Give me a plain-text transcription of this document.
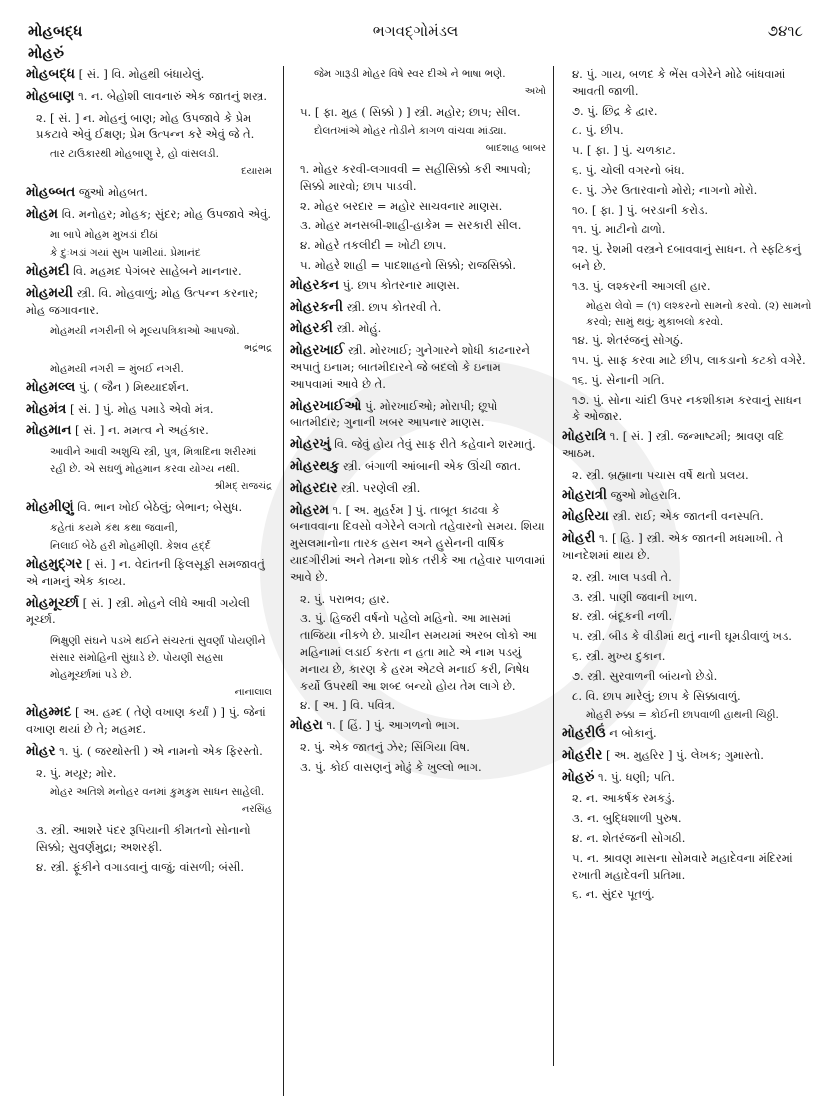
મોહબદ્ધ	ભગવદ્ગોમંડલ	૭૪૧૮
મોહરું
મોહબદ્ધ [ સં. ] વિ. મોહથી બંધાયેલું.
મોહબાણ ૧. ન. બેહોશી લાવનારું એક જાતનું શસ્ત્ર.
૨. [ સં. ] ન. મોહનું બાણ; મોહ ઉપજાવે કે પ્રેમ પ્રકટાવે એવું ઈક્ષણ; પ્રેમ ઉત્પન્ન કરે એવું જે તે.
તાર ટાઉકારથી મોહબાણુ રે, હો વાંસલડી.
દયારામ
મોહબ્બત જુઓ મોહબત.
મોહમ વિ. મનોહર; મોહક; સુંદર; મોહ ઉપજાવે એવું.
મા બાપે મોહમ મુખડાં દીઠાં
કે દુઃખડાં ગયાં સુખ પામીયાં. પ્રેમાનંદ
મોહમદી વિ. મહમદ પેગંબર સાહેબને માનનાર.
મોહમયી સ્ત્રી. વિ. મોહવાળું; મોહ ઉત્પન્ન કરનાર; મોહ જગાવનાર.
મોહમયી નગરીની બે મૂલ્યપત્રિકાઓ આપજો.
ભદ્રંભદ્ર
મોહમયી નગરી = મુંબઈ નગરી.
મોહમલ્લ પું. ( જૈન ) મિથ્યાદર્શન.
મોહમંત્ર [ સં. ] પું. મોહ પમાડે એવો મંત્ર.
મોહમાન [ સં. ] ન. મમત્વ ને અહંકાર.
આવીને આવી અશુચિ સ્ત્રી, પુત્ર, મિત્રાદિના શરીરમાં રહી છે. એ સઘળું મોહમાન કરવા યોગ્ય નથી.
શ્રીમદ્ રાજચંદ્ર
મોહમીણું વિ. ભાન ખોઈ બેઠેલું; બેભાન; બેસુધ.
કહેતાં કયમે કંથ કથા જવાની,
નિલાઈ બેઠે હરી મોહમીણી. કેશવ હ્રદ્‌ર્દ
મોહમુદ્‌ગર [ સં. ] ન. વેદાંતની ફિલસૂફી સમજાવતું એ નામનું એક કાવ્ય.
મોહમૂર્ચ્છા [ સં. ] સ્ત્રી. મોહને લીધે આવી ગયેલી મૂર્ચ્છા.
ભિક્ષુણી સંઘને પડખે થઈને સંચરતાં સુવર્ણાં પોયણીને સંસાર સંમોહિની સુંઘાડે છે. પોયણી સહસા મોહમૂર્ચ્છામાં પડે છે.
નાનાલાલ
મોહમ્મદ [ અ. હમ્દ ( તેણે વખાણ કર્યાં ) ] પું. જેનાં વખાણ થયાં છે તે; મહમદ.
મોહર ૧. પું. ( જરથોસ્તી ) એ નામનો એક ફિરસ્તો.
૨. પું. મયૂર; મોર.
મોહર અતિશે મનોહર વનમાં કુમકુમ સાધન સાહેલી.
નરસિંહ
૩. સ્ત્રી. આશરે પંદર રૂપિયાની કીમતનો સોનાનો સિક્કો; સુવર્ણમુદ્રા; અશરફી.
૪. સ્ત્રી. ફૂંકીને વગાડવાનું વાજું; વાંસળી; બંસી.
જેમ ગારૂડી મોહર વિષે સ્વર દીએ ને ભાષા ભણે.
અખો
૫. [ ફા. મુહ્ર ( સિક્કો ) ] સ્ત્રી. મહોર; છાપ; સીલ.
દોલતખાંએ મોહર તોડીને કાગળ વાંચવા માંડ્યા.
બાદશાહ બાબર
૧. મોહર કરવી-લગાવવી = સહીસિક્કો કરી આપવો; સિક્કો મારવો; છાપ પાડવી.
૨. મોહર બરદાર = મહોર સાચવનાર માણસ.
૩. મોહર મનસબી-શાહી-હાકેમ = સરકારી સીલ.
૪. મોહરે તકલીદી = ખોટી છાપ.
૫. મોહરે શાહી = પાદશાહનો સિક્કો; રાજસિક્કો.
મોહરકન પું. છાપ કોતરનાર માણસ.
મોહરકની સ્ત્રી. છાપ કોતરવી તે.
મોહરકી સ્ત્રી. મોહું.
મોહરખાઈ સ્ત્રી. મોરખાઈ; ગુનેગારને શોધી કાઢનારને અપાતું ઇનામ; બાતમીદારને જે બદલો કે ઇનામ આપવામાં આવે છે તે.
મોહરખાઈઓ પું. મોરખાઈઓ; મોરાપી; છૂપો બાતમીદાર; ગુનાની ખબર આપનાર માણસ.
મોહરખું વિ. જેવું હોય તેવું સાફ રીતે કહેવાને શરમાતું.
મોહરથકુ સ્ત્રી. બંગાળી આંબાની એક ઊંચી જાત.
મોહરદાર સ્ત્રી. પરણેલી સ્ત્રી.
મોહરમ ૧. [ અ. મુહર્રમ ] પું. તાબૂત કાઢવા કે બનાવવાના દિવસો વગેરેને લગતો તહેવારનો સમય. શિયા મુસલમાનોના તારક હસન અને હુસેનની વાર્ષિક યાદગીરીમાં અને તેમના શોક તરીકે આ તહેવાર પાળવામાં આવે છે.
૨. પું. પરાભવ; હાર.
૩. પું. હિજરી વર્ષનો પહેલો મહિનો. આ માસમાં તાજિયા નીકળે છે. પ્રાચીન સમયમાં અરબ લોકો આ મહિનામાં લડાઈ કરતા ન હતા માટે એ નામ પડયું મનાય છે, કારણ કે હરમ એટલે મનાઈ કરી, નિષેધ કર્યો ઉપરથી આ શબ્દ બન્યો હોય તેમ લાગે છે.
૪. [ અ. ] વિ. પવિત્ર.
મોહરા ૧. [ હિં. ] પું. આગળનો ભાગ.
૨. પું. એક જાતનું ઝેર; સિંગિયા વિષ.
૩. પું. કોઈ વાસણનું મોઢું કે ખુલ્લો ભાગ.
૪. પું. ગાય, બળદ કે ભેંસ વગેરેને મોઢે બાંધવામાં આવતી જાળી.
૭. પું. છિદ્ર કે દ્વાર.
૮. પું. છીપ.
૫. [ ફા. ] પું. ચળકાટ.
૬. પું. ચોલી વગરનો બંધ.
૯. પું. ઝેર ઉતારવાનો મોરો; નાગનો મોરો.
૧૦. [ ફા. ] પું. બરડાની કરોડ.
૧૧. પું. માટીનો ઢાળો.
૧૨. પું. રેશમી વસ્ત્રને દબાવવાનું સાધન. તે સ્ફટિકનું બને છે.
૧૩. પું. લશ્કરની આગલી હાર.
મોહરા લેવો = (૧) લશ્કરનો સામનો કરવો. (૨) સામનો કરવો; સામું થવું; મુકાબલો કરવો.
૧૪. પું. શેતરંજનું સોગઠું.
૧૫. પું. સાફ કરવા માટે છીપ, લાકડાનો કટકો વગેરે.
૧૬. પું. સેનાની ગતિ.
૧૭. પું. સોના ચાંદી ઉપર નકશીકામ કરવાનું સાધન કે ઓજાર.
મોહરાત્રિ ૧. [ સં. ] સ્ત્રી. જન્માષ્ટમી; શ્રાવણ વદિ આઠમ.
૨. સ્ત્રી. બ્રહ્માના પચાસ વર્ષે થતો પ્રલય.
મોહરાત્રી જુઓ મોહરાત્રિ.
મોહરિયા સ્ત્રી. રાઈ; એક જાતની વનસ્પતિ.
મોહરી ૧. [ હિ. ] સ્ત્રી. એક જાતની મધમાખી. તે ખાનદેશમાં થાય છે.
૨. સ્ત્રી. ખાલ પડવી તે.
૩. સ્ત્રી. પાણી જવાની ખાળ.
૪. સ્ત્રી. બંદૂકની નળી.
૫. સ્ત્રી. બીડ કે વીડીમાં થતું નાની ઘૂમડીવાળું ખડ.
૬. સ્ત્રી. મુખ્ય દુકાન.
૭. સ્ત્રી. સુરવાળની બાંયનો છેડો.
૮. વિ. છાપ મારેલું; છાપ કે સિક્કાવાળું.
મોહરી રુક્કા = કોઈની છાપવાળી હાથની ચિઠ્ઠી.
મોહરીઉં ન બોકાનું.
મોહરીર [ અ. મુહરિર ] પું. લેખક; ગુમાસ્તો.
મોહરું ૧. પું. ધણી; પતિ.
૨. ન. આકર્ષક રમકડું.
૩. ન. બુદ્ધિશાળી પુરુષ.
૪. ન. શેતરંજની સોગઠી.
૫. ન. શ્રાવણ માસના સોમવારે મહાદેવના મંદિરમાં રખાતી મહાદેવની પ્રતિમા.
૬. ન. સુંદર પૂતળું.
